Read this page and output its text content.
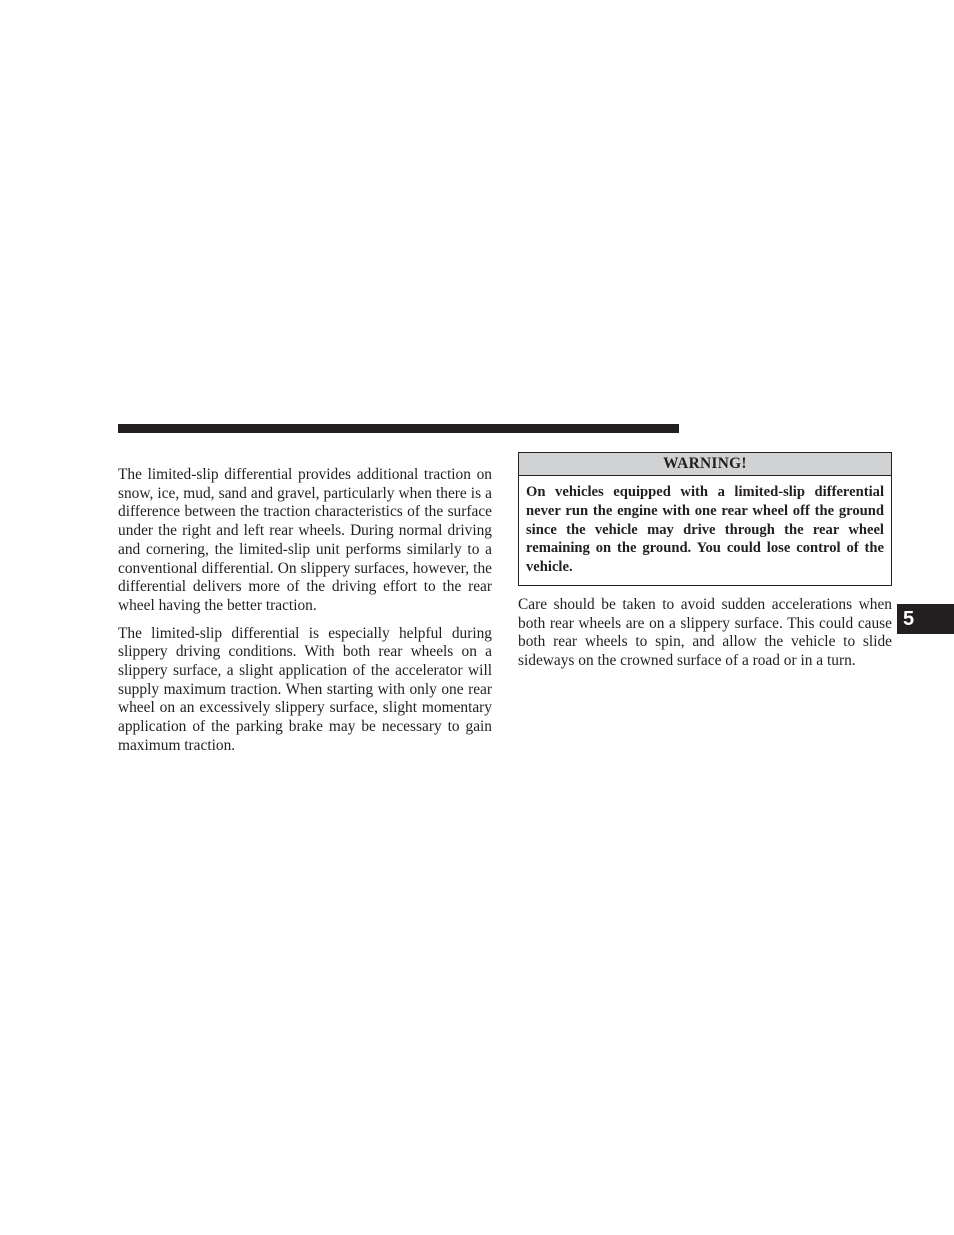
The limited-slip differential provides additional traction on snow, ice, mud, sand and gravel, particularly when there is a difference between the traction characteristics of the surface under the right and left rear wheels. During normal driving and cornering, the limited-slip unit performs similarly to a conventional differential. On slippery surfaces, however, the differential delivers more of the driving effort to the rear wheel having the better traction.

The limited-slip differential is especially helpful during slippery driving conditions. With both rear wheels on a slippery surface, a slight application of the accelerator will supply maximum traction. When starting with only one rear wheel on an excessively slippery surface, slight momentary application of the parking brake may be necessary to gain maximum traction.

WARNING!
On vehicles equipped with a limited-slip differential never run the engine with one rear wheel off the ground since the vehicle may drive through the rear wheel remaining on the ground. You could lose control of the vehicle.

Care should be taken to avoid sudden accelerations when both rear wheels are on a slippery surface. This could cause both rear wheels to spin, and allow the vehicle to slide sideways on the crowned surface of a road or in a turn.

5
